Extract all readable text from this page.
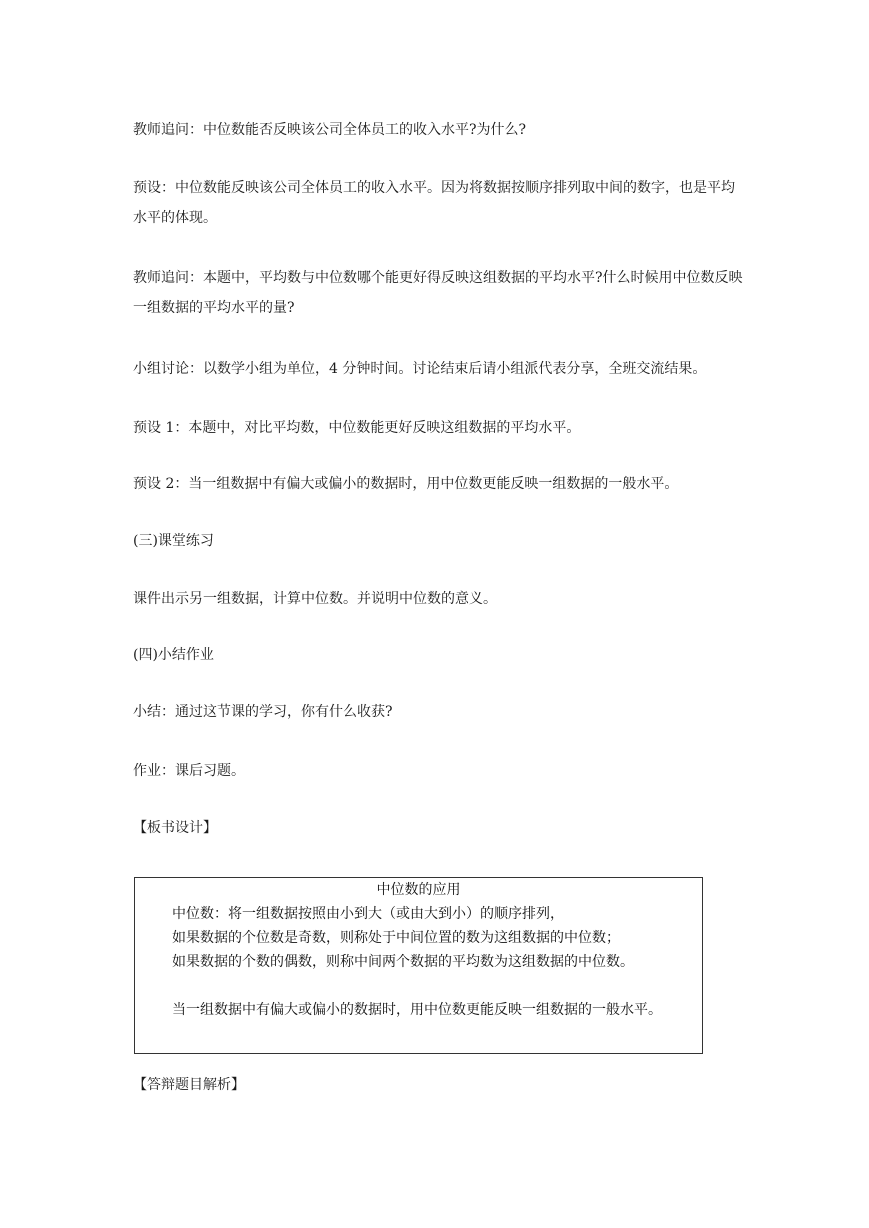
教师追问：中位数能否反映该公司全体员工的收入水平?为什么?

预设：中位数能反映该公司全体员工的收入水平。因为将数据按顺序排列取中间的数字，也是平均水平的体现。

教师追问：本题中，平均数与中位数哪个能更好得反映这组数据的平均水平?什么时候用中位数反映一组数据的平均水平的量?

小组讨论：以数学小组为单位，4 分钟时间。讨论结束后请小组派代表分享，全班交流结果。

预设 1：本题中，对比平均数，中位数能更好反映这组数据的平均水平。

预设 2：当一组数据中有偏大或偏小的数据时，用中位数更能反映一组数据的一般水平。

(三)课堂练习

课件出示另一组数据，计算中位数。并说明中位数的意义。

(四)小结作业

小结：通过这节课的学习，你有什么收获?

作业：课后习题。

【板书设计】

中位数的应用
中位数：将一组数据按照由小到大（或由大到小）的顺序排列，
如果数据的个位数是奇数，则称处于中间位置的数为这组数据的中位数；
如果数据的个数的偶数，则称中间两个数据的平均数为这组数据的中位数。
当一组数据中有偏大或偏小的数据时，用中位数更能反映一组数据的一般水平。

【答辩题目解析】
